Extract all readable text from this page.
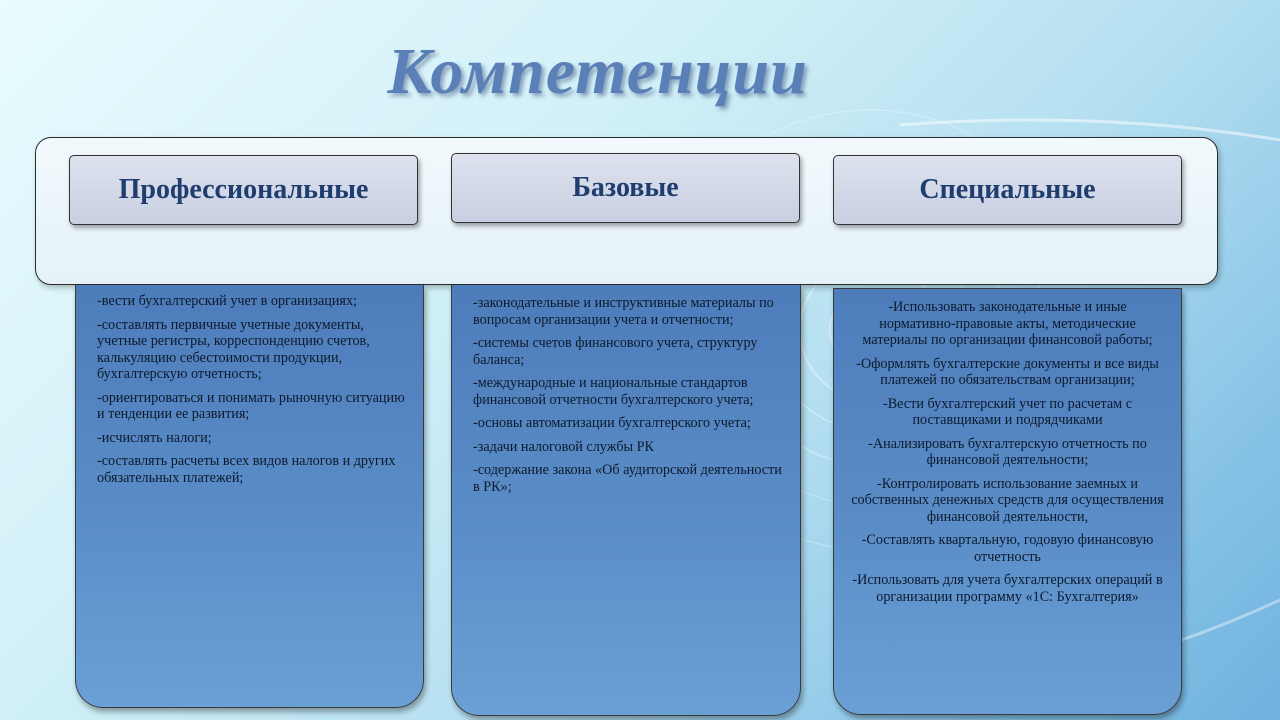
Компетенции
Профессиональные	Базовые	Специальные

-вести бухгалтерский учет в организациях;

-составлять первичные учетные документы, учетные регистры, корреспонденцию счетов, калькуляцию себестоимости продукции, бухгалтерскую отчетность;

-ориентироваться и понимать рыночную ситуацию и тенденции ее развития;

-исчислять налоги;

-составлять расчеты всех видов налогов и других обязательных платежей;

-законодательные и инструктивные материалы по вопросам организации учета и отчетности;

-системы счетов финансового учета, структуру баланса;

-международные и национальные стандартов финансовой отчетности бухгалтерского учета;

-основы автоматизации бухгалтерского учета;

-задачи налоговой службы РК

-содержание закона «Об аудиторской деятельности в РК»;

-Использовать законодательные и иные нормативно-правовые акты, методические материалы по организации финансовой работы;

-Оформлять бухгалтерские документы и все виды платежей по обязательствам организации;

-Вести бухгалтерский учет по расчетам с поставщиками и подрядчиками

-Анализировать бухгалтерскую отчетность по финансовой деятельности;

-Контролировать использование заемных и собственных денежных средств для осуществления финансовой деятельности,

-Составлять квартальную, годовую финансовую отчетность

-Использовать для учета бухгалтерских операций в организации программу «1С: Бухгалтерия»
